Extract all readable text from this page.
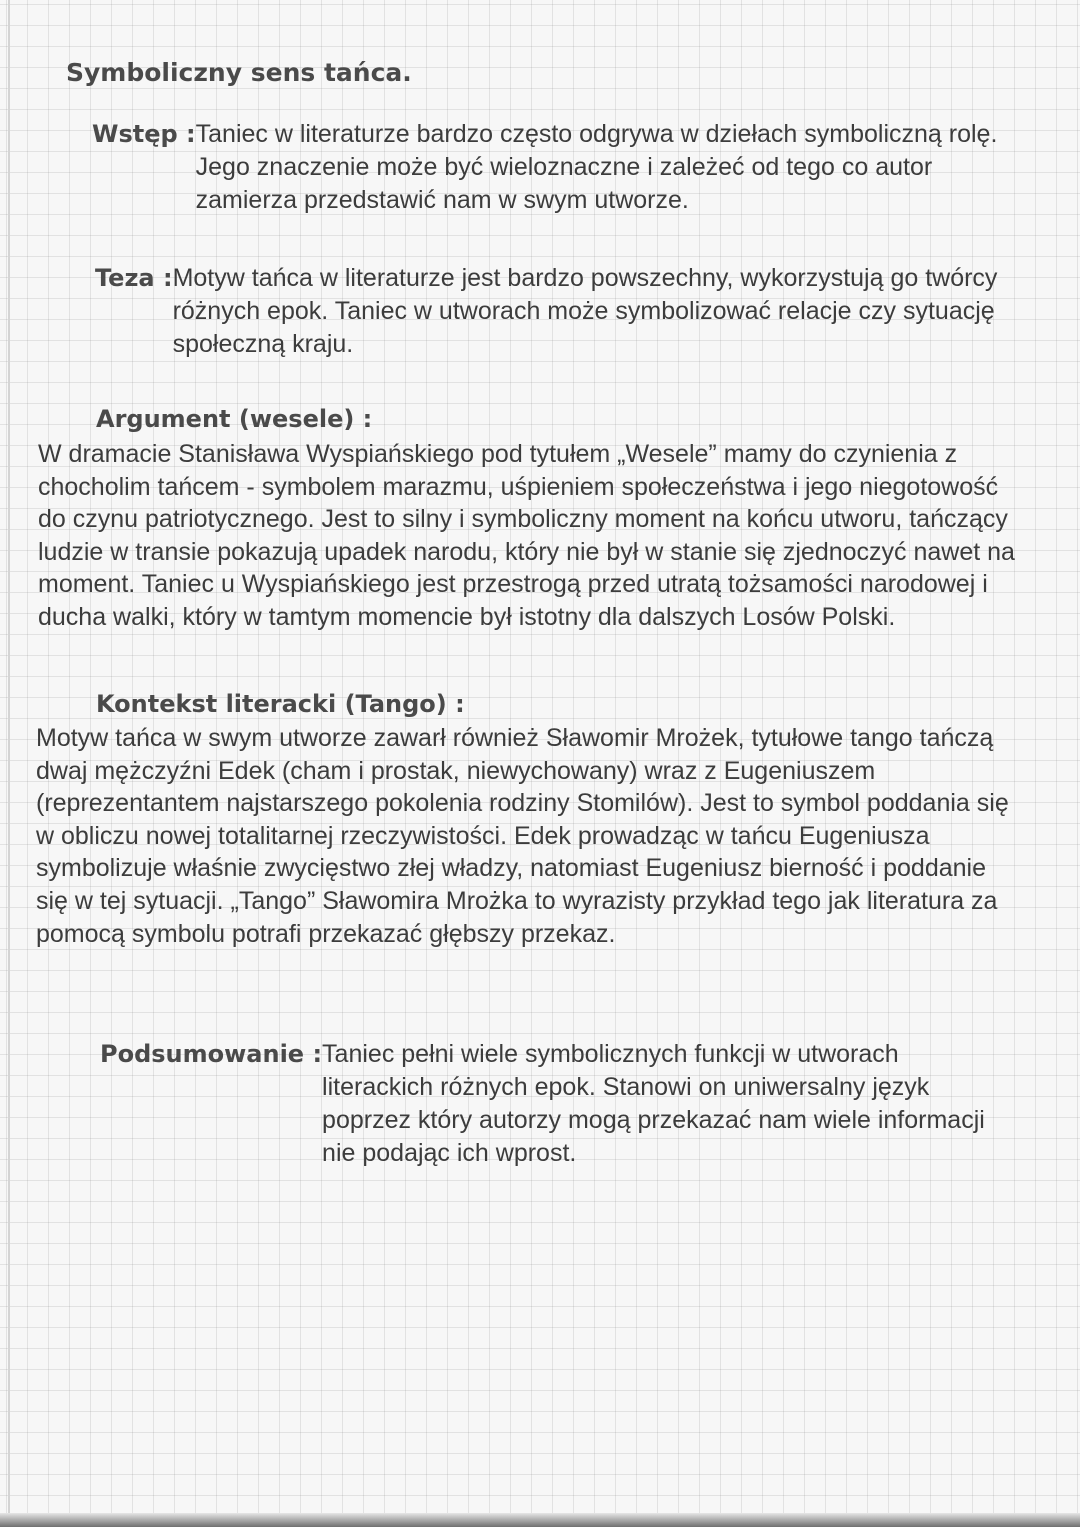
Symboliczny sens tańca.
Wstęp : Taniec w literaturze bardzo często odgrywa w dziełach symboliczną rolę. Jego znaczenie może być wieloznaczne i zależeć od tego co autor zamierza przedstawić nam w swym utworze.
Teza : Motyw tańca w literaturze jest bardzo powszechny, wykorzystują go twórcy różnych epok. Taniec w utworach może symbolizować relacje czy sytuację społeczną kraju.
Argument (wesele) :

W dramacie Stanisława Wyspiańskiego pod tytułem „Wesele” mamy do czynienia z chocholim tańcem - symbolem marazmu, uśpieniem społeczeństwa i jego niegotowość do czynu patriotycznego. Jest to silny i symboliczny moment na końcu utworu, tańczący ludzie w transie pokazują upadek narodu, który nie był w stanie się zjednoczyć nawet na moment. Taniec u Wyspiańskiego jest przestrogą przed utratą tożsamości narodowej i ducha walki, który w tamtym momencie był istotny dla dalszych Losów Polski.

Kontekst literacki (Tango) :

Motyw tańca w swym utworze zawarł również Sławomir Mrożek, tytułowe tango tańczą dwaj mężczyźni Edek (cham i prostak, niewychowany) wraz z Eugeniuszem (reprezentantem najstarszego pokolenia rodziny Stomilów). Jest to symbol poddania się w obliczu nowej totalitarnej rzeczywistości. Edek prowadząc w tańcu Eugeniusza symbolizuje właśnie zwycięstwo złej władzy, natomiast Eugeniusz bierność i poddanie się w tej sytuacji. „Tango” Sławomira Mrożka to wyrazisty przykład tego jak literatura za pomocą symbolu potrafi przekazać głębszy przekaz.

Podsumowanie : Taniec pełni wiele symbolicznych funkcji w utworach literackich różnych epok. Stanowi on uniwersalny język poprzez który autorzy mogą przekazać nam wiele informacji nie podając ich wprost.
